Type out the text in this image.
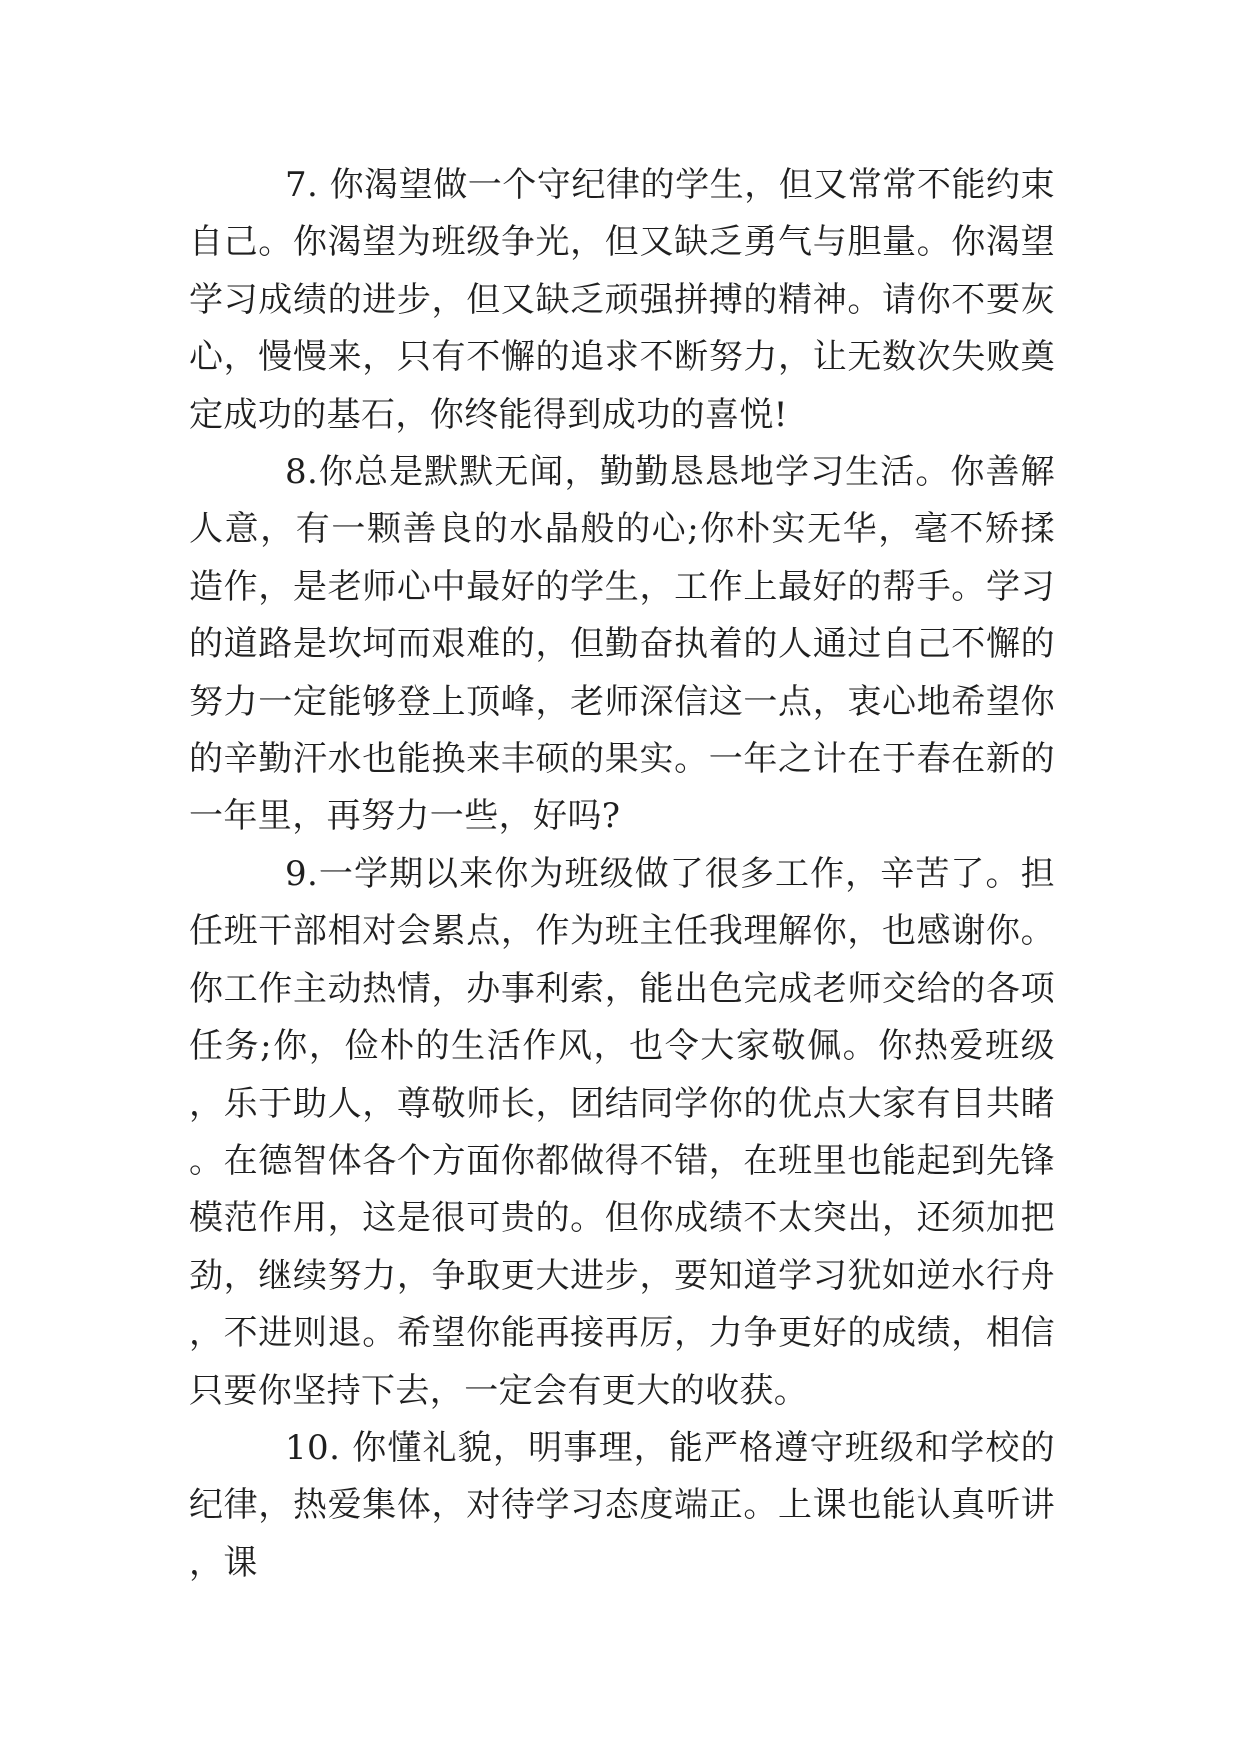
7. 你渴望做一个守纪律的学生，但又常常不能约束自己。你渴望为班级争光，但又缺乏勇气与胆量。你渴望学习成绩的进步，但又缺乏顽强拼搏的精神。请你不要灰心，慢慢来，只有不懈的追求不断努力，让无数次失败奠定成功的基石，你终能得到成功的喜悦!

8.你总是默默无闻，勤勤恳恳地学习生活。你善解人意，有一颗善良的水晶般的心;你朴实无华，毫不矫揉造作，是老师心中最好的学生，工作上最好的帮手。学习的道路是坎坷而艰难的，但勤奋执着的人通过自己不懈的努力一定能够登上顶峰，老师深信这一点，衷心地希望你的辛勤汗水也能换来丰硕的果实。一年之计在于春在新的一年里，再努力一些，好吗?

9.一学期以来你为班级做了很多工作，辛苦了。担任班干部相对会累点，作为班主任我理解你，也感谢你。你工作主动热情，办事利索，能出色完成老师交给的各项任务;你，俭朴的生活作风，也令大家敬佩。你热爱班级，乐于助人，尊敬师长，团结同学你的优点大家有目共睹。在德智体各个方面你都做得不错，在班里也能起到先锋模范作用，这是很可贵的。但你成绩不太突出，还须加把劲，继续努力，争取更大进步，要知道学习犹如逆水行舟，不进则退。希望你能再接再厉，力争更好的成绩，相信只要你坚持下去，一定会有更大的收获。

10. 你懂礼貌，明事理，能严格遵守班级和学校的纪律，热爱集体，对待学习态度端正。上课也能认真听讲，课
